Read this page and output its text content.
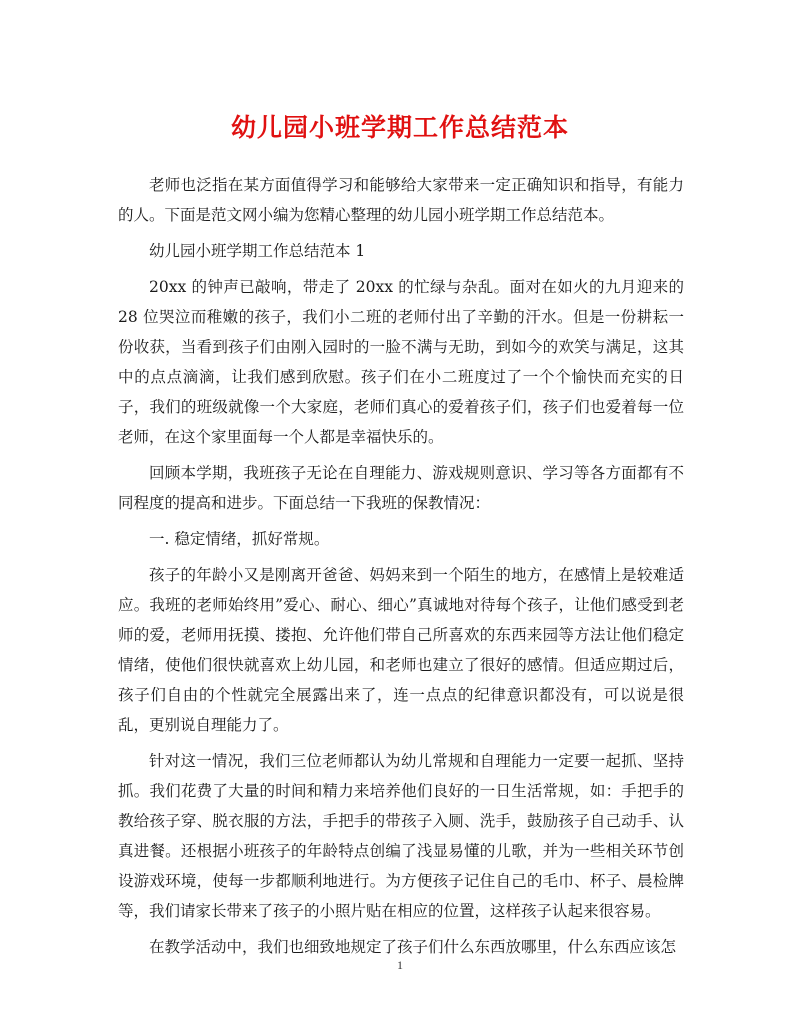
幼儿园小班学期工作总结范本

老师也泛指在某方面值得学习和能够给大家带来一定正确知识和指导，有能力的人。下面是范文网小编为您精心整理的幼儿园小班学期工作总结范本。

幼儿园小班学期工作总结范本 1

20xx 的钟声已敲响，带走了 20xx 的忙绿与杂乱。面对在如火的九月迎来的 28 位哭泣而稚嫩的孩子，我们小二班的老师付出了辛勤的汗水。但是一份耕耘一份收获，当看到孩子们由刚入园时的一脸不满与无助，到如今的欢笑与满足，这其中的点点滴滴，让我们感到欣慰。孩子们在小二班度过了一个个愉快而充实的日子，我们的班级就像一个大家庭，老师们真心的爱着孩子们，孩子们也爱着每一位老师，在这个家里面每一个人都是幸福快乐的。

回顾本学期，我班孩子无论在自理能力、游戏规则意识、学习等各方面都有不同程度的提高和进步。下面总结一下我班的保教情况：

一. 稳定情绪，抓好常规。

孩子的年龄小又是刚离开爸爸、妈妈来到一个陌生的地方，在感情上是较难适应。我班的老师始终用”爱心、耐心、细心”真诚地对待每个孩子，让他们感受到老师的爱，老师用抚摸、搂抱、允许他们带自己所喜欢的东西来园等方法让他们稳定情绪，使他们很快就喜欢上幼儿园，和老师也建立了很好的感情。但适应期过后，孩子们自由的个性就完全展露出来了，连一点点的纪律意识都没有，可以说是很乱，更别说自理能力了。

针对这一情况，我们三位老师都认为幼儿常规和自理能力一定要一起抓、坚持抓。我们花费了大量的时间和精力来培养他们良好的一日生活常规，如：手把手的教给孩子穿、脱衣服的方法，手把手的带孩子入厕、洗手，鼓励孩子自己动手、认真进餐。还根据小班孩子的年龄特点创编了浅显易懂的儿歌，并为一些相关环节创设游戏环境，使每一步都顺利地进行。为方便孩子记住自己的毛巾、杯子、晨检牌等，我们请家长带来了孩子的小照片贴在相应的位置，这样孩子认起来很容易。

在教学活动中，我们也细致地规定了孩子们什么东西放哪里，什么东西应该怎

1
